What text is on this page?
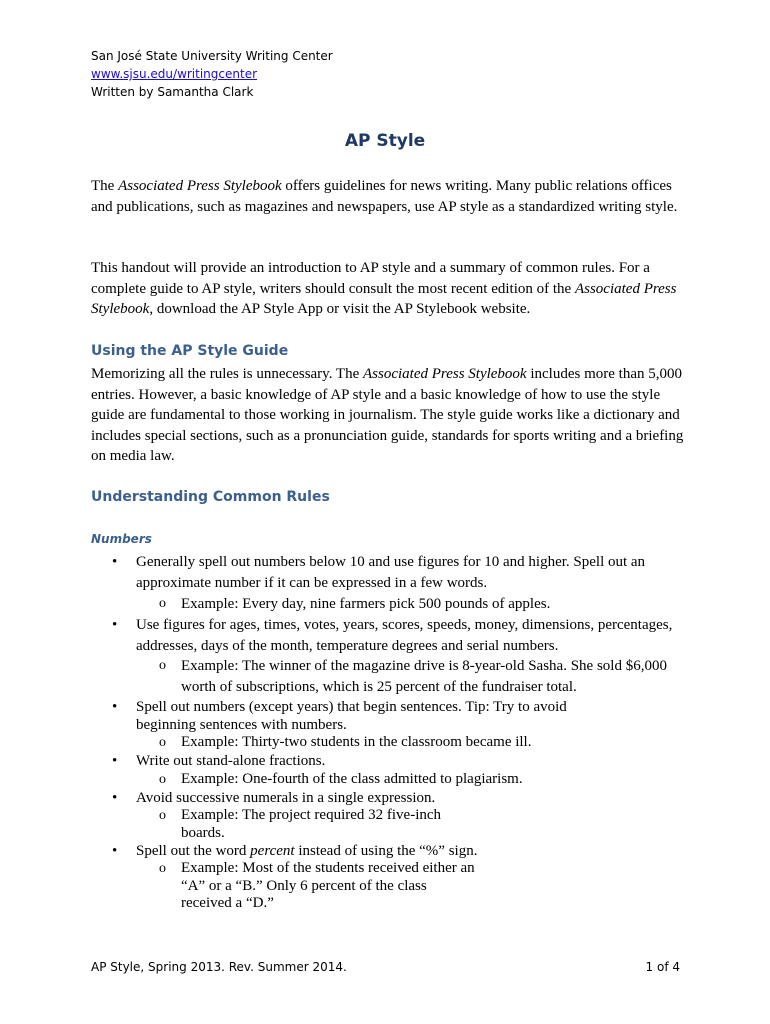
San José State University Writing Center
www.sjsu.edu/writingcenter
Written by Samantha Clark
AP Style
The Associated Press Stylebook offers guidelines for news writing. Many public relations offices and publications, such as magazines and newspapers, use AP style as a standardized writing style.
This handout will provide an introduction to AP style and a summary of common rules. For a complete guide to AP style, writers should consult the most recent edition of the Associated Press Stylebook, download the AP Style App or visit the AP Stylebook website.
Using the AP Style Guide
Memorizing all the rules is unnecessary. The Associated Press Stylebook includes more than 5,000 entries. However, a basic knowledge of AP style and a basic knowledge of how to use the style guide are fundamental to those working in journalism. The style guide works like a dictionary and includes special sections, such as a pronunciation guide, standards for sports writing and a briefing on media law.
Understanding Common Rules
Numbers
• Generally spell out numbers below 10 and use figures for 10 and higher. Spell out an approximate number if it can be expressed in a few words.
o Example: Every day, nine farmers pick 500 pounds of apples.
• Use figures for ages, times, votes, years, scores, speeds, money, dimensions, percentages, addresses, days of the month, temperature degrees and serial numbers.
o Example: The winner of the magazine drive is 8-year-old Sasha. She sold $6,000 worth of subscriptions, which is 25 percent of the fundraiser total.
• Spell out numbers (except years) that begin sentences. Tip: Try to avoid
beginning sentences with numbers.
o Example: Thirty-two students in the classroom became ill.
• Write out stand-alone fractions.
o Example: One-fourth of the class admitted to plagiarism.
• Avoid successive numerals in a single expression.
o Example: The project required 32 five-inch
boards.
• Spell out the word percent instead of using the “%” sign.
o Example: Most of the students received either an
“A” or a “B.” Only 6 percent of the class
received a “D.”
AP Style, Spring 2013. Rev. Summer 2014.	1 of 4
